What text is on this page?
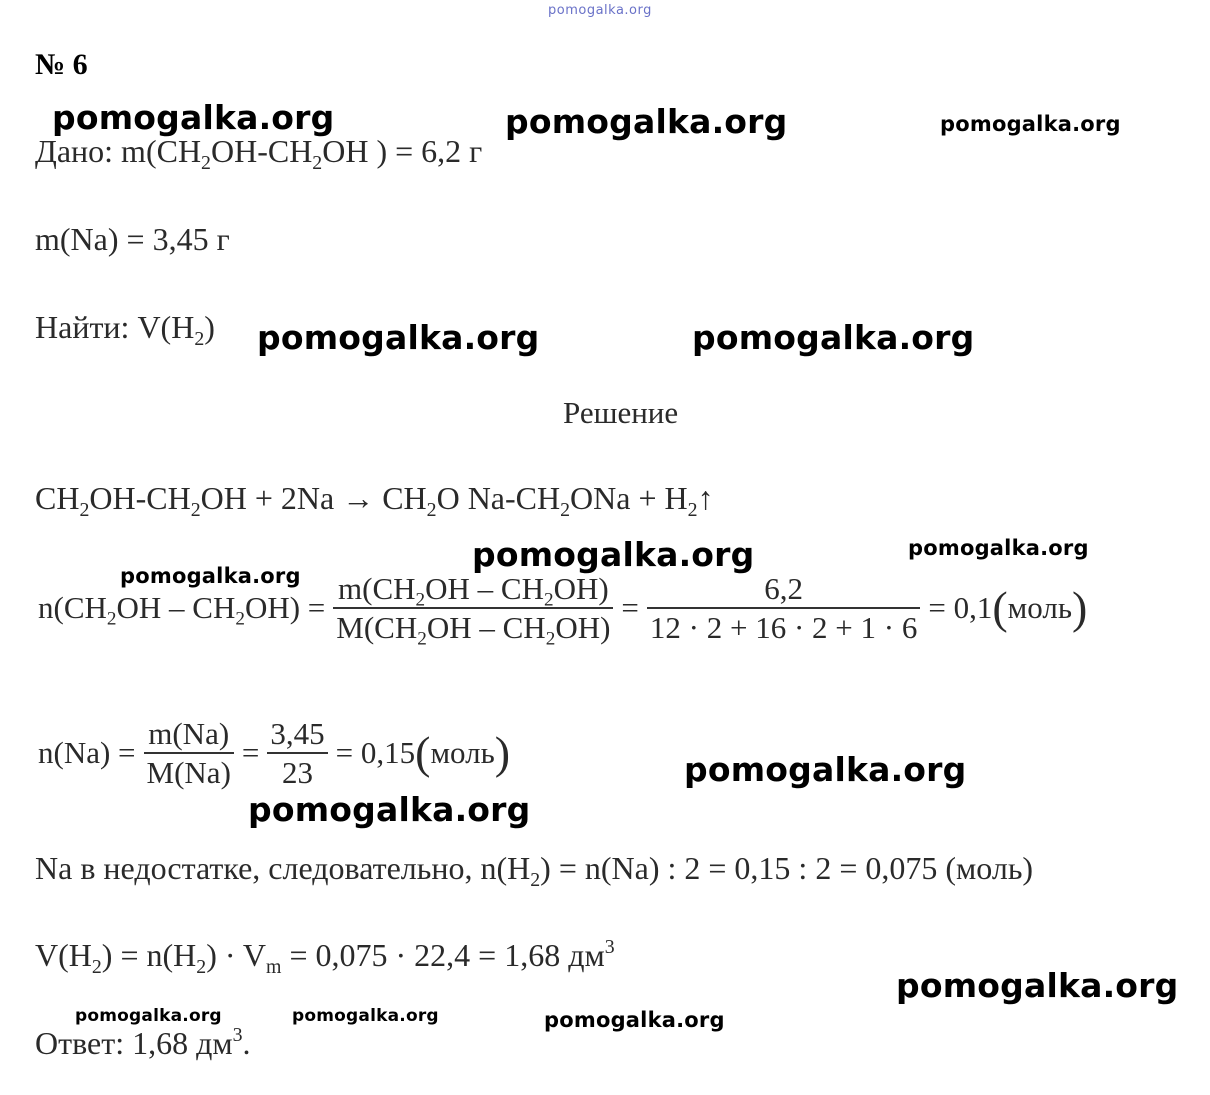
pomogalka.org
№ 6
pomogalka.org	pomogalka.org	pomogalka.org
Дано: $m(CH_2OH-CH_2OH$ ) = 6,2 г
m(Na) = 3,45 г
Найти: $V(H_2)$ pomogalka.org	pomogalka.org
Решение
$CH_2OH-CH_2OH + 2Na \to CH_2O$ $Na-CH_2ONa$ + $H_2↑$
pomogalka.org	pomogalka.org
pomogalka.org
$n(CH_2OH - CH_2OH) = \frac{m(CH_2OH - CH_2OH)}{M(CH_2OH - CH_2OH)} = \frac{6,2}{12 \cdot 2 + 16 \cdot 2 + 1 \cdot 6} = 0,1$ ( моль )
$n(Na) = \frac{m(Na)}{M(Na)} = \frac{3,45}{23} = 0,15$ ( моль )	pomogalka.org
pomogalka.org
Na в недостатке, следовательно, $n(H_2) = n(Na)$ : 2 = 0,15 : 2 = 0,075 (моль)
$V(H_2) = n(H_2) \cdot V_m = 0,075 \cdot 22,4 = 1,68$ $дм^3$
pomogalka.org
pomogalka.org	pomogalka.org	pomogalka.org
Ответ: 1,68 $дм^3$.
